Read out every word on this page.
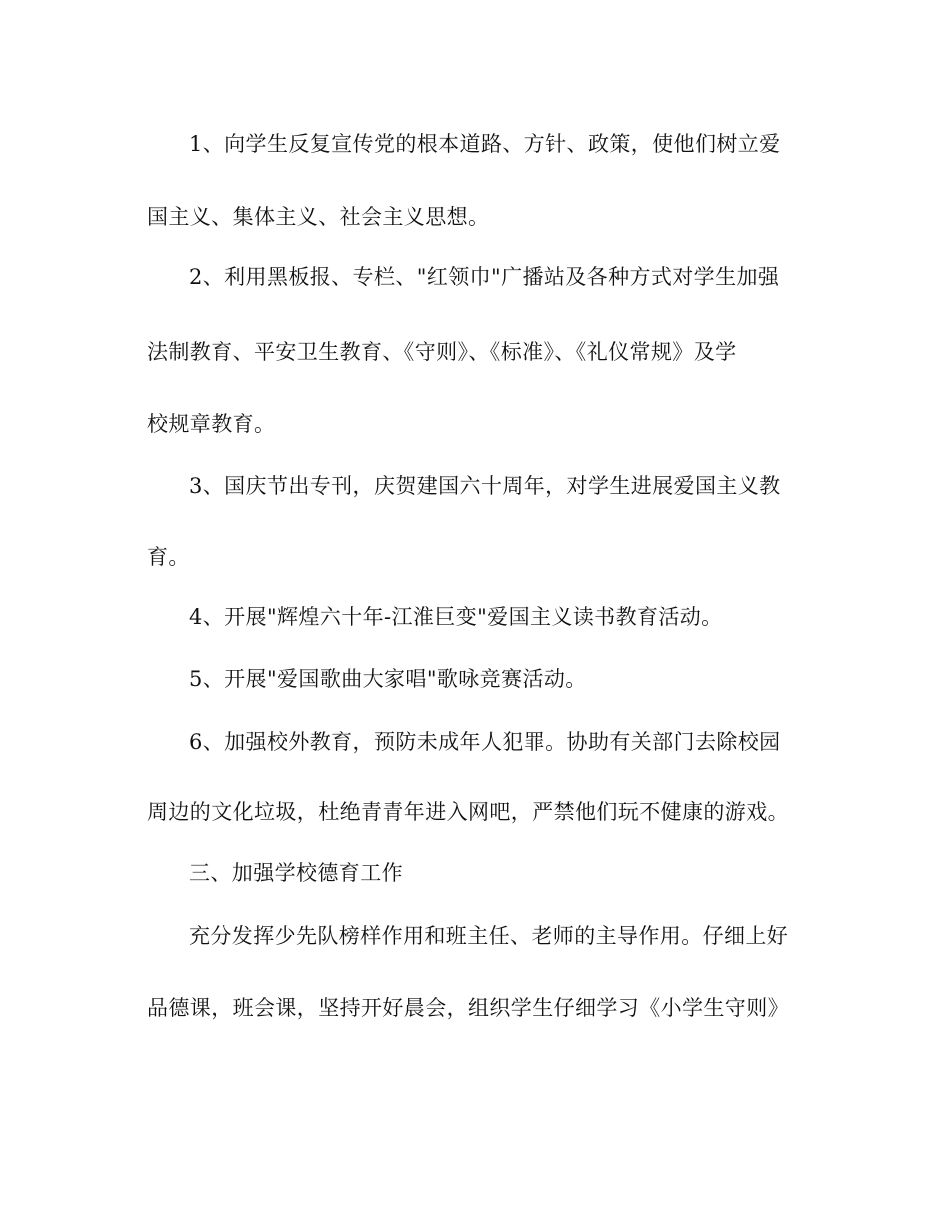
1、向学生反复宣传党的根本道路、方针、政策，使他们树立爱
国主义、集体主义、社会主义思想。
2、利用黑板报、专栏、"红领巾"广播站及各种方式对学生加强
法制教育、平安卫生教育、《守则》、《标准》、《礼仪常规》及学
校规章教育。
3、国庆节出专刊，庆贺建国六十周年，对学生进展爱国主义教
育。
4、开展"辉煌六十年-江淮巨变"爱国主义读书教育活动。
5、开展"爱国歌曲大家唱"歌咏竞赛活动。
6、加强校外教育，预防未成年人犯罪。协助有关部门去除校园
周边的文化垃圾，杜绝青青年进入网吧，严禁他们玩不健康的游戏。
三、加强学校德育工作
充分发挥少先队榜样作用和班主任、老师的主导作用。仔细上好
品德课，班会课，坚持开好晨会，组织学生仔细学习《小学生守则》
